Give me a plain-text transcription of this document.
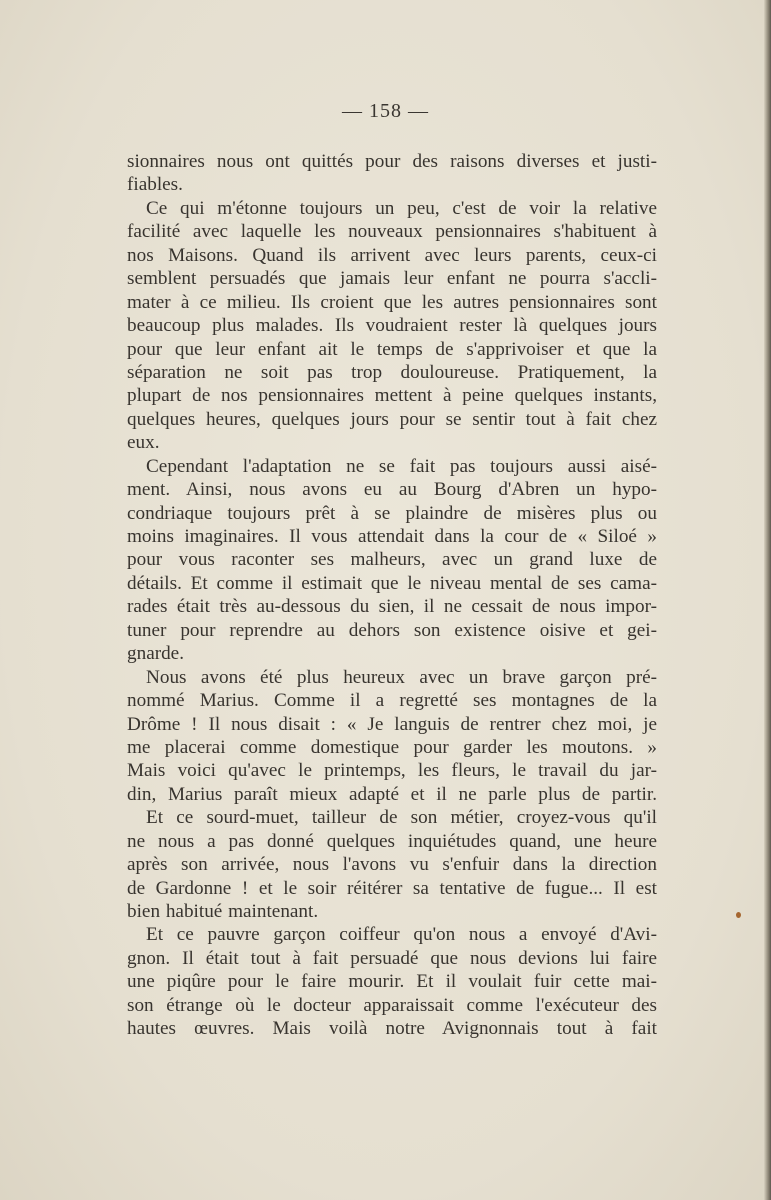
— 158 —
sionnaires nous ont quittés pour des raisons diverses et justi-
fiables.
Ce qui m'étonne toujours un peu, c'est de voir la relative
facilité avec laquelle les nouveaux pensionnaires s'habituent à
nos Maisons. Quand ils arrivent avec leurs parents, ceux-ci
semblent persuadés que jamais leur enfant ne pourra s'accli-
mater à ce milieu. Ils croient que les autres pensionnaires sont
beaucoup plus malades. Ils voudraient rester là quelques jours
pour que leur enfant ait le temps de s'apprivoiser et que la
séparation ne soit pas trop douloureuse. Pratiquement, la
plupart de nos pensionnaires mettent à peine quelques instants,
quelques heures, quelques jours pour se sentir tout à fait chez
eux.
Cependant l'adaptation ne se fait pas toujours aussi aisé-
ment. Ainsi, nous avons eu au Bourg d'Abren un hypo-
condriaque toujours prêt à se plaindre de misères plus ou
moins imaginaires. Il vous attendait dans la cour de « Siloé »
pour vous raconter ses malheurs, avec un grand luxe de
détails. Et comme il estimait que le niveau mental de ses cama-
rades était très au-dessous du sien, il ne cessait de nous impor-
tuner pour reprendre au dehors son existence oisive et gei-
gnarde.
Nous avons été plus heureux avec un brave garçon pré-
nommé Marius. Comme il a regretté ses montagnes de la
Drôme ! Il nous disait : « Je languis de rentrer chez moi, je
me placerai comme domestique pour garder les moutons. »
Mais voici qu'avec le printemps, les fleurs, le travail du jar-
din, Marius paraît mieux adapté et il ne parle plus de partir.
Et ce sourd-muet, tailleur de son métier, croyez-vous qu'il
ne nous a pas donné quelques inquiétudes quand, une heure
après son arrivée, nous l'avons vu s'enfuir dans la direction
de Gardonne ! et le soir réitérer sa tentative de fugue... Il est
bien habitué maintenant.
Et ce pauvre garçon coiffeur qu'on nous a envoyé d'Avi-
gnon. Il était tout à fait persuadé que nous devions lui faire
une piqûre pour le faire mourir. Et il voulait fuir cette mai-
son étrange où le docteur apparaissait comme l'exécuteur des
hautes œuvres. Mais voilà notre Avignonnais tout à fait
